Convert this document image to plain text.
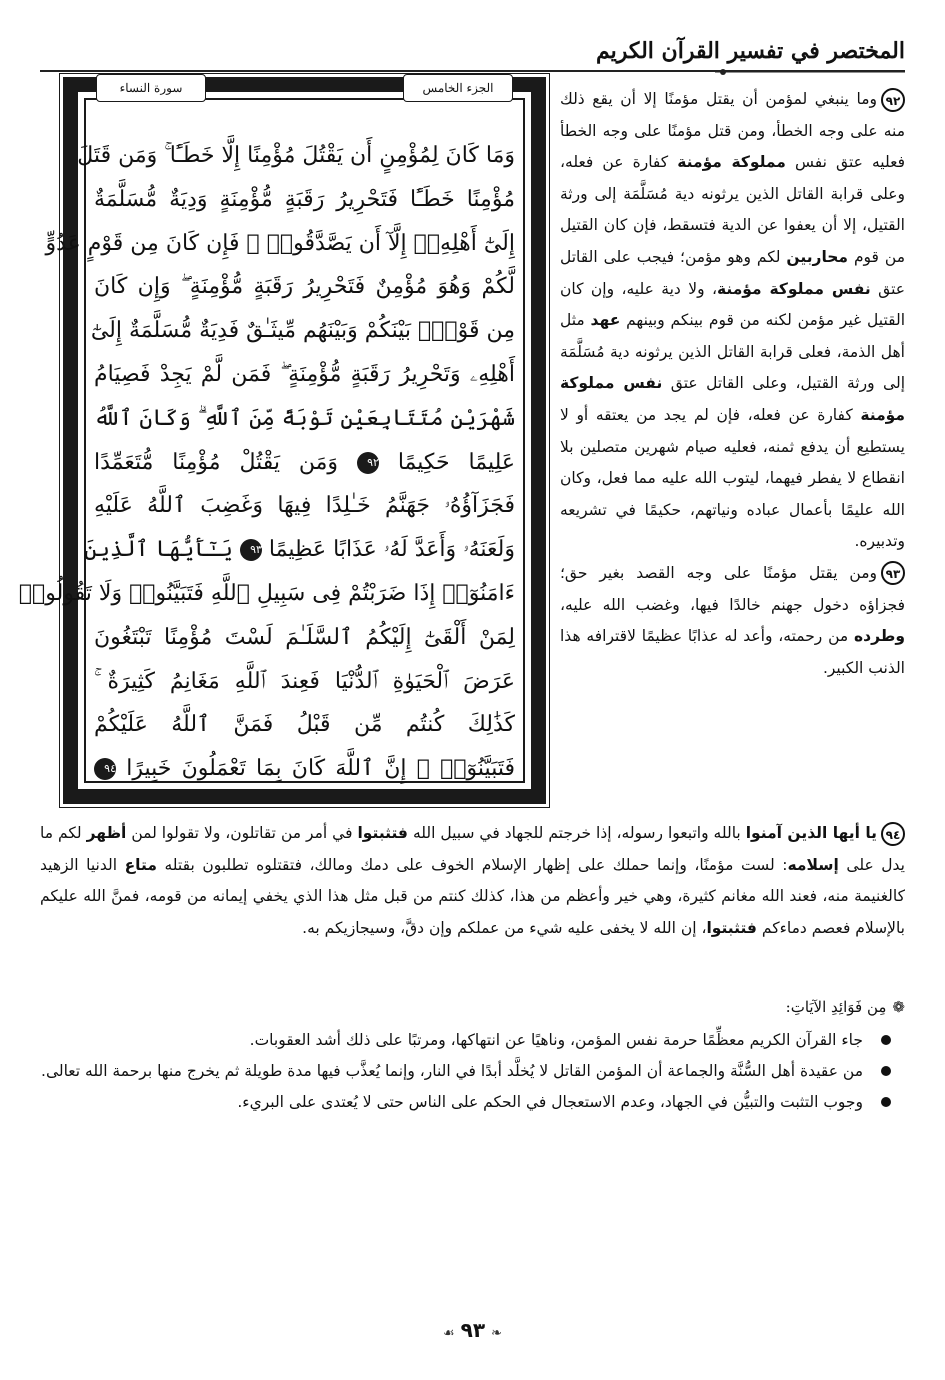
المختصر في تفسير القرآن الكريم
الجزء الخامس
سورة النساء
وَمَا كَانَ لِمُؤْمِنٍ أَن يَقْتُلَ مُؤْمِنًا إِلَّا خَطَـًٔا ۚ وَمَن قَتَلَ
مُؤْمِنًا خَطَـًٔا فَتَحْرِيرُ رَقَبَةٍ مُّؤْمِنَةٍ وَدِيَةٌ مُّسَلَّمَةٌ
إِلَىٰٓ أَهْلِهِۦٓ إِلَّآ أَن يَصَّدَّقُوا۟ ۚ فَإِن كَانَ مِن قَوْمٍ عَدُوٍّ
لَّكُمْ وَهُوَ مُؤْمِنٌ فَتَحْرِيرُ رَقَبَةٍ مُّؤْمِنَةٍ ۖ وَإِن كَانَ
مِن قَوْمٍۭ بَيْنَكُمْ وَبَيْنَهُم مِّيثَـٰقٌ فَدِيَةٌ مُّسَلَّمَةٌ إِلَىٰٓ
أَهْلِهِۦ وَتَحْرِيرُ رَقَبَةٍ مُّؤْمِنَةٍ ۖ فَمَن لَّمْ يَجِدْ فَصِيَامُ
شَهْرَيْنِ مُتَتَابِعَيْنِ تَوْبَةً مِّنَ ٱللَّهِ ۗ وَكَانَ ٱللَّهُ
عَلِيمًا حَكِيمًا ٩٢ وَمَن يَقْتُلْ مُؤْمِنًا مُّتَعَمِّدًا
فَجَزَآؤُهُۥ جَهَنَّمُ خَـٰلِدًا فِيهَا وَغَضِبَ ٱللَّهُ عَلَيْهِ
وَلَعَنَهُۥ وَأَعَدَّ لَهُۥ عَذَابًا عَظِيمًا ٩٣ يَـٰٓأَيُّهَا ٱلَّذِينَ
ءَامَنُوٓا۟ إِذَا ضَرَبْتُمْ فِى سَبِيلِ ٱللَّهِ فَتَبَيَّنُوا۟ وَلَا تَقُولُوا۟
لِمَنْ أَلْقَىٰٓ إِلَيْكُمُ ٱلسَّلَـٰمَ لَسْتَ مُؤْمِنًا تَبْتَغُونَ
عَرَضَ ٱلْحَيَوٰةِ ٱلدُّنْيَا فَعِندَ ٱللَّهِ مَغَانِمُ كَثِيرَةٌ ۚ
كَذَٰلِكَ كُنتُم مِّن قَبْلُ فَمَنَّ ٱللَّهُ عَلَيْكُمْ
فَتَبَيَّنُوٓا۟ ۚ إِنَّ ٱللَّهَ كَانَ بِمَا تَعْمَلُونَ خَبِيرًا ٩٤

٩٢وما ينبغي لمؤمن أن يقتل مؤمنًا إلا أن يقع ذلك منه على وجه الخطأ، ومن قتل مؤمنًا على وجه الخطأ فعليه عتق نفس مملوكة مؤمنة كفارة عن فعله، وعلى قرابة القاتل الذين يرثونه دية مُسَلَّمَة إلى ورثة القتيل، إلا أن يعفوا عن الدية فتسقط، فإن كان القتيل من قوم محاربين لكم وهو مؤمن؛ فيجب على القاتل عتق نفس مملوكة مؤمنة، ولا دية عليه، وإن كان القتيل غير مؤمن لكنه من قوم بينكم وبينهم عهد مثل أهل الذمة، فعلى قرابة القاتل الذين يرثونه دية مُسَلَّمَة إلى ورثة القتيل، وعلى القاتل عتق نفس مملوكة مؤمنة كفارة عن فعله، فإن لم يجد من يعتقه أو لا يستطيع أن يدفع ثمنه، فعليه صيام شهرين متصلين بلا انقطاع لا يفطر فيهما، ليتوب الله عليه مما فعل، وكان الله عليمًا بأعمال عباده ونياتهم، حكيمًا في تشريعه وتدبيره.

٩٣ومن يقتل مؤمنًا على وجه القصد بغير حق؛ فجزاؤه دخول جهنم خالدًا فيها، وغضب الله عليه، وطرده من رحمته، وأعد له عذابًا عظيمًا لاقترافه هذا الذنب الكبير.

٩٤يا أيها الذين آمنوا بالله واتبعوا رسوله، إذا خرجتم للجهاد في سبيل الله فتثبتوا في أمر من تقاتلون، ولا تقولوا لمن أظهر لكم ما يدل على إسلامه: لست مؤمنًا، وإنما حملك على إظهار الإسلام الخوف على دمك ومالك، فتقتلوه تطلبون بقتله متاع الدنيا الزهيد كالغنيمة منه، فعند الله مغانم كثيرة، وهي خير وأعظم من هذا، كذلك كنتم من قبل مثل هذا الذي يخفي إيمانه من قومه، فمنَّ الله عليكم بالإسلام فعصم دماءكم فتثبتوا، إن الله لا يخفى عليه شيء من عملكم وإن دقَّ، وسيجازيكم به.
❁مِن فَوَائِدِ الآيَاتِ:
جاء القرآن الكريم معظِّمًا حرمة نفس المؤمن، وناهيًا عن انتهاكها، ومرتبًا على ذلك أشد العقوبات.
من عقيدة أهل السُّنَّة والجماعة أن المؤمن القاتل لا يُخلَّد أبدًا في النار، وإنما يُعذَّب فيها مدة طويلة ثم يخرج منها برحمة الله تعالى.
وجوب التثبت والتبيُّن في الجهاد، وعدم الاستعجال في الحكم على الناس حتى لا يُعتدى على البريء.
❧٩٣☙
